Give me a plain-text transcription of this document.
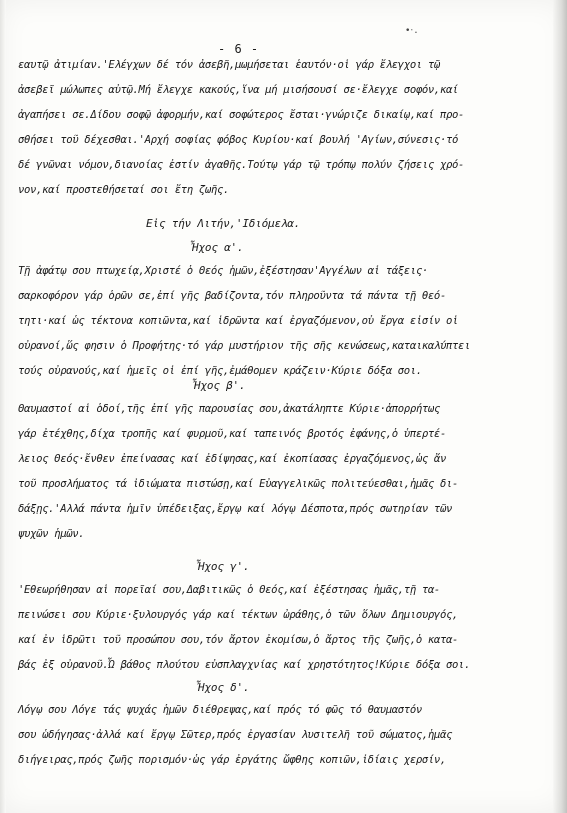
- 6 -
•‧.
εαυτῷ ἀτιμίαν.'Ελέγχων δέ τόν ἀσεβῆ,μωμήσεται ἑαυτόν·οἱ γάρ ἔλεγχοι τῷ
ἀσεβεῖ μώλωπες αὐτῷ.Μή ἔλεγχε κακούς,ἵνα μή μισήσουσί σε·ἔλεγχε σοφόν,καί
ἀγαπήσει σε.Δίδου σοφῷ ἀφορμήν,καί σοφώτερος ἔσται·γνώριζε δικαίῳ,καί προ-
σθήσει τοῦ δέχεσθαι.'Αρχή σοφίας φόβος Κυρίου·καί βουλή 'Αγίων,σύνεσις·τό
δέ γνῶναι νόμον,διανοίας ἐστίν ἀγαθῆς.Τούτῳ γάρ τῷ τρόπῳ πολύν ζήσεις χρό-
νον,καί προστεθήσεταί σοι ἔτη ζωῆς.
Εἰς τήν Λιτήν,'Ιδιόμελα.
Ἦχος α'.
Τῇ ἀφάτῳ σου πτωχείᾳ,Χριστέ ὁ Θεός ἡμῶν,ἐξέστησαν'Αγγέλων αἱ τάξεις·
σαρκοφόρον γάρ ὁρῶν σε,ἐπί γῆς βαδίζοντα,τόν πληροῦντα τά πάντα τῇ θεό-
τητι·καί ὡς τέκτονα κοπιῶντα,καί ἱδρῶντα καί ἐργαζόμενον,οὐ ἔργα εἰσίν οἱ
οὐρανοί,ὥς φησιν ὁ Προφήτης·τό γάρ μυστήριον τῆς σῆς κενώσεως,καταικαλύπτει
τούς οὐρανούς,καί ἡμεῖς οἱ ἐπί γῆς,ἐμάθομεν κράζειν·Κύριε δόξα σοι.
Ἦχος β'.
Θαυμαστοί αἱ ὁδοί,τῆς ἐπί γῆς παρουσίας σου,ἀκατάληπτε Κύριε·ἀπορρήτως
γάρ ἐτέχθης,δίχα τροπῆς καί φυρμοῦ,καί ταπεινός βροτός ἐφάνης,ὁ ὑπερτέ-
λειος Θεός·ἔνθεν ἐπείνασας καί ἐδίψησας,καί ἐκοπίασας ἐργαζόμενος,ὡς ἄν
τοῦ προσλήματος τά ἰδιώματα πιστώσῃ,καί Εὐαγγελικῶς πολιτεύεσθαι,ἡμᾶς δι-
δάξῃς.'Αλλά πάντα ἡμῖν ὑπέδειξας,ἔργῳ καί λόγῳ Δέσποτα,πρός σωτηρίαν τῶν
ψυχῶν ἡμῶν.
Ἦχος γ'.
'Εθεωρήθησαν αἱ πορεῖαί σου,Δαβιτικῶς ὁ Θεός,καί ἐξέστησας ἡμᾶς,τῇ τα-
πεινώσει σου Κύριε·ξυλουργός γάρ καί τέκτων ὠράθης,ὁ τῶν ὅλων Δημιουργός,
καί ἐν ἱδρῶτι τοῦ προσώπου σου,τόν ἄρτον ἐκομίσω,ὁ ἄρτος τῆς ζωῆς,ὁ κατα-
βάς ἐξ οὐρανοῦ.Ὦ βάθος πλούτου εὐσπλαγχνίας καί χρηστότητος!Κύριε δόξα σοι.
Ἦχος δ'.
Λόγῳ σου Λόγε τάς ψυχάς ἡμῶν διέθρεψας,καί πρός τό φῶς τό θαυμαστόν
σου ὡδήγησας·ἀλλά καί ἔργῳ Σῶτερ,πρός ἐργασίαν λυσιτελῆ τοῦ σώματος,ἡμᾶς
διήγειρας,πρός ζωῆς πορισμόν·ὡς γάρ ἐργάτης ὤφθης κοπιῶν,ἰδίαις χερσίν,
